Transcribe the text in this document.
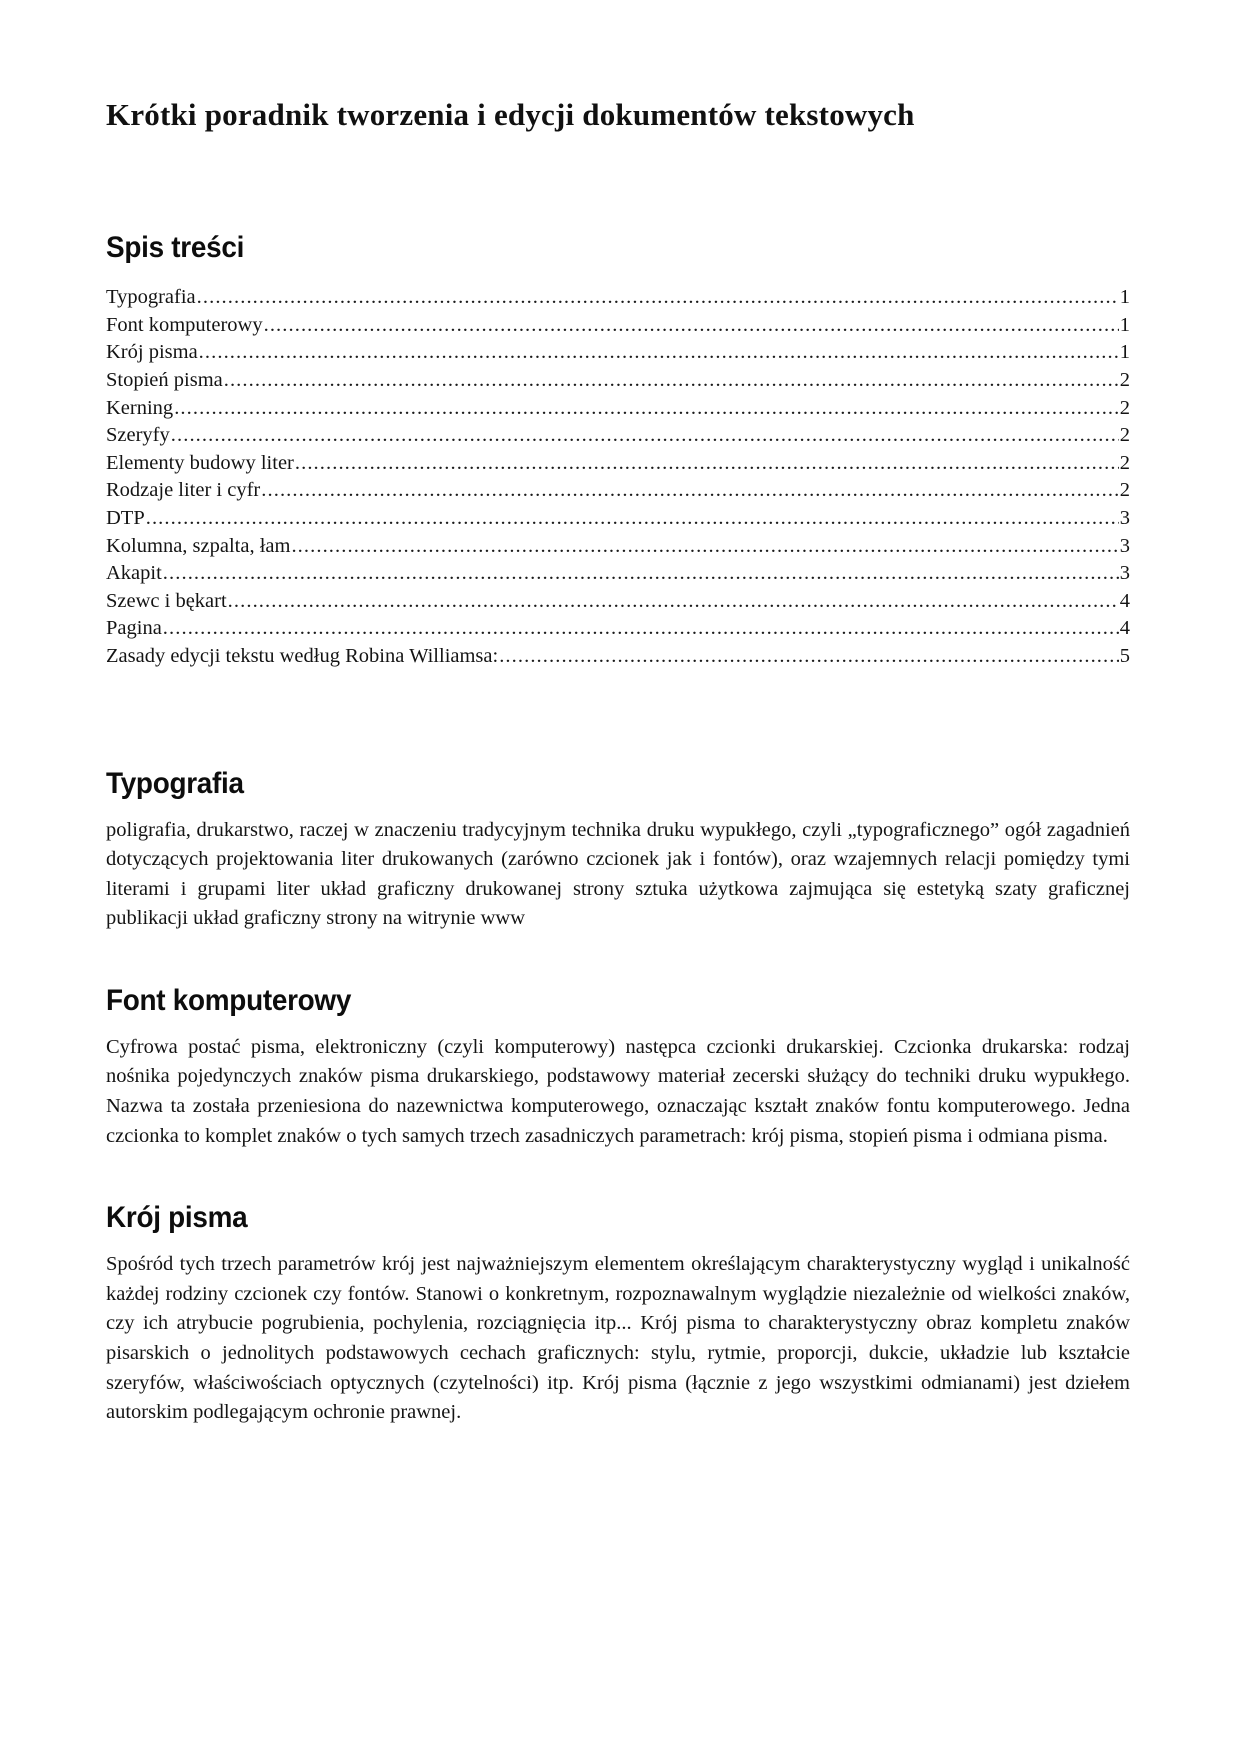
Krótki poradnik tworzenia i edycji dokumentów tekstowych
Spis treści
Typografia .....	1
Font komputerowy .....	1
Krój pisma .....	1
Stopień pisma .....	2
Kerning .....	2
Szeryfy .....	2
Elementy budowy liter .....	2
Rodzaje liter i cyfr .....	2
DTP .....	3
Kolumna, szpalta, łam .....	3
Akapit .....	3
Szewc i bękart .....	4
Pagina .....	4
Zasady edycji tekstu według Robina Williamsa: .....	5
Typografia

poligrafia, drukarstwo, raczej w znaczeniu tradycyjnym technika druku wypukłego, czyli „typograficznego” ogół zagadnień dotyczących projektowania liter drukowanych (zarówno czcionek jak i fontów), oraz wzajemnych relacji pomiędzy tymi literami i grupami liter układ graficzny drukowanej strony sztuka użytkowa zajmująca się estetyką szaty graficznej publikacji układ graficzny strony na witrynie www

Font komputerowy

Cyfrowa postać pisma, elektroniczny (czyli komputerowy) następca czcionki drukarskiej. Czcionka drukarska: rodzaj nośnika pojedynczych znaków pisma drukarskiego, podstawowy materiał zecerski służący do techniki druku wypukłego. Nazwa ta została przeniesiona do nazewnictwa komputerowego, oznaczając kształt znaków fontu komputerowego. Jedna czcionka to komplet znaków o tych samych trzech zasadniczych parametrach: krój pisma, stopień pisma i odmiana pisma.

Krój pisma

Spośród tych trzech parametrów krój jest najważniejszym elementem określającym charakterystyczny wygląd i unikalność każdej rodziny czcionek czy fontów. Stanowi o konkretnym, rozpoznawalnym wyglądzie niezależnie od wielkości znaków, czy ich atrybucie pogrubienia, pochylenia, rozciągnięcia itp... Krój pisma to charakterystyczny obraz kompletu znaków pisarskich o jednolitych podstawowych cechach graficznych: stylu, rytmie, proporcji, dukcie, układzie lub kształcie szeryfów, właściwościach optycznych (czytelności) itp. Krój pisma (łącznie z jego wszystkimi odmianami) jest dziełem autorskim podlegającym ochronie prawnej.
